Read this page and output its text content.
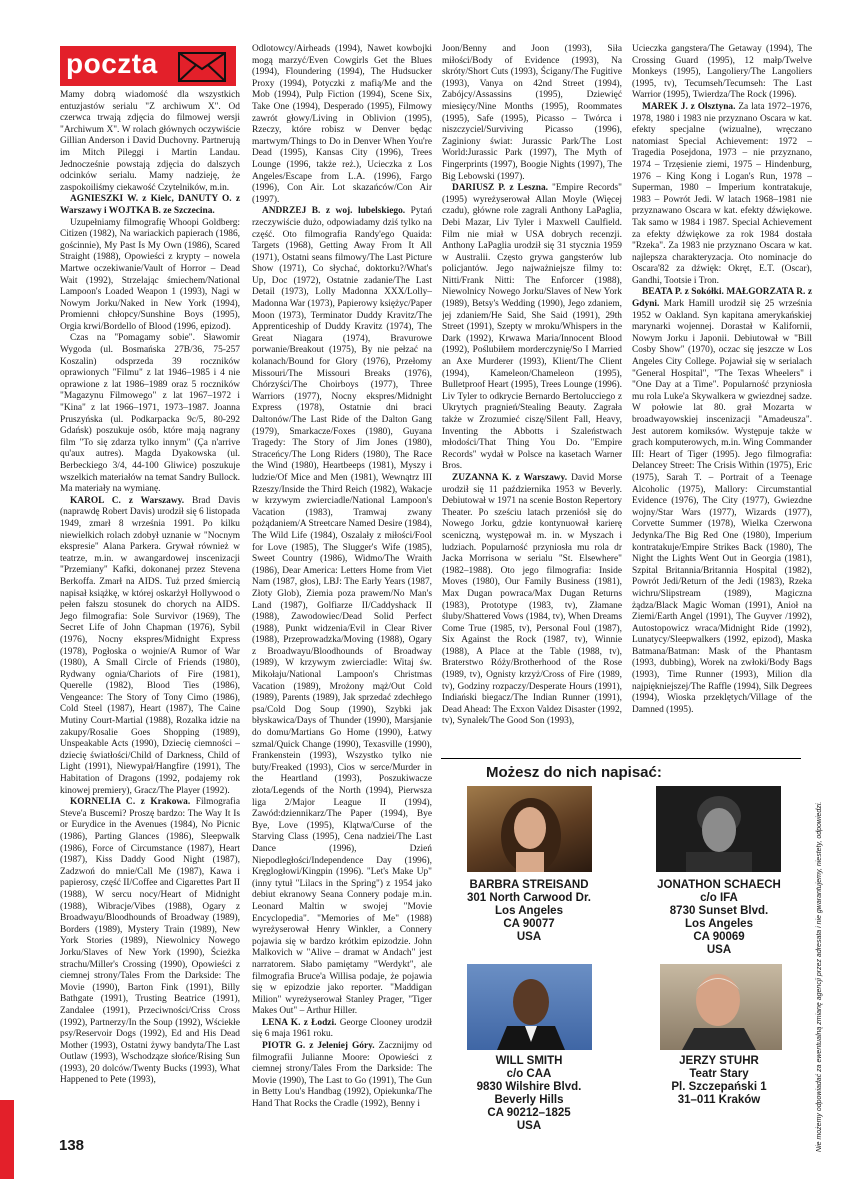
poczta

Mamy dobrą wiadomość dla wszystkich entuzjastów serialu "Z archiwum X". Od czerwca trwają zdjęcia do filmowej wersji "Archiwum X". W rolach głównych oczywiście Gillian Anderson i David Duchovny. Partnerują im Mitch Pileggi i Martin Landau. Jednocześnie powstają zdjęcia do dalszych odcinków serialu. Mamy nadzieję, że zaspokoiliśmy ciekawość Czytelników, m.in.

AGNIESZKI W. z Kielc, DANUTY O. z Warszawy i WOJTKA B. ze Szczecina.

Uzupełniamy filmografię Whoopi Goldberg: Citizen (1982), Na wariackich papierach (1986, gościnnie), My Past Is My Own (1986), Scared Straight (1988), Opowieści z krypty – nowela Martwe oczekiwanie/Vault of Horror – Dead Wait (1992), Strzelając śmiechem/National Lampoon's Loaded Weapon 1 (1993), Nagi w Nowym Jorku/Naked in New York (1994), Promienni chłopcy/Sunshine Boys (1995), Orgia krwi/Bordello of Blood (1996, epizod).

Czas na "Pomagamy sobie". Sławomir Wygoda (ul. Bosmańska 27B/36, 75-257 Koszalin) odsprzeda 39 roczników oprawionych "Filmu" z lat 1946–1985 i 4 nie oprawione z lat 1986–1989 oraz 5 roczników "Magazynu Filmowego" z lat 1967–1972 i "Kina" z lat 1966–1971, 1973–1987. Joanna Pruszyńska (ul. Podkarpacka 9c/5, 80-292 Gdańsk) poszukuje osób, które mają nagrany film "To się zdarza tylko innym" (Ça n'arrive qu'aux autres). Magda Dyakowska (ul. Berbeckiego 3/4, 44-100 Gliwice) poszukuje wszelkich materiałów na temat Sandry Bullock. Ma materiały na wymianę.

KAROL C. z Warszawy. Brad Davis (naprawdę Robert Davis) urodził się 6 listopada 1949, zmarł 8 września 1991. Po kilku niewielkich rolach zdobył uznanie w "Nocnym ekspresie" Alana Parkera. Grywał również w teatrze, m.in. w awangardowej inscenizacji "Przemiany" Kafki, dokonanej przez Stevena Berkoffa. Zmarł na AIDS. Tuż przed śmiercią napisał książkę, w której oskarżył Hollywood o pełen fałszu stosunek do chorych na AIDS. Jego filmografia: Sole Survivor (1969), The Secret Life of John Chapman (1976), Sybil (1976), Nocny ekspres/Midnight Express (1978), Pogłoska o wojnie/A Rumor of War (1980), A Small Circle of Friends (1980), Rydwany ognia/Chariots of Fire (1981), Querelle (1982), Blood Ties (1986), Vengeance: The Story of Tony Cimo (1986), Cold Steel (1987), Heart (1987), The Caine Mutiny Court-Martial (1988), Rozalka idzie na zakupy/Rosalie Goes Shopping (1989), Unspeakable Acts (1990), Dziecię ciemności – dziecię światłości/Child of Darkness, Child of Light (1991), Niewypał/Hangfire (1991), The Habitation of Dragons (1992, podajemy rok kinowej premiery), Gracz/The Player (1992).

KORNELIA C. z Krakowa. Filmografia Steve'a Buscemi? Proszę bardzo: The Way It Is or Eurydice in the Avenues (1984), No Picnic (1986), Parting Glances (1986), Sleepwalk (1986), Force of Circumstance (1987), Heart (1987), Kiss Daddy Good Night (1987), Zadzwoń do mnie/Call Me (1987), Kawa i papierosy, część II/Coffee and Cigarettes Part II (1988), W sercu nocy/Heart of Midnight (1988), Wibracje/Vibes (1988), Ogary z Broadwayu/Bloodhounds of Broadway (1989), Borders (1989), Mystery Train (1989), New York Stories (1989), Niewolnicy Nowego Jorku/Slaves of New York (1990), Ścieżka strachu/Miller's Crossing (1990), Opowieści z ciemnej strony/Tales From the Darkside: The Movie (1990), Barton Fink (1991), Billy Bathgate (1991), Trusting Beatrice (1991), Zandalee (1991), Przeciwności/Criss Cross (1992), Partnerzy/In the Soup (1992), Wściekłe psy/Reservoir Dogs (1992), Ed and His Dead Mother (1993), Ostatni żywy bandyta/The Last Outlaw (1993), Wschodząze słońce/Rising Sun (1993), 20 dolców/Twenty Bucks (1993), What Happened to Pete (1993),

Odlotowcy/Airheads (1994), Nawet kowbojki mogą marzyć/Even Cowgirls Get the Blues (1994), Floundering (1994), The Hudsucker Proxy (1994), Potyczki z mafią/Me and the Mob (1994), Pulp Fiction (1994), Scene Six, Take One (1994), Desperado (1995), Filmowy zawrót głowy/Living in Oblivion (1995), Rzeczy, które robisz w Denver będąc martwym/Things to Do in Denver When You're Dead (1995), Kansas City (1996), Trees Lounge (1996, także reż.), Ucieczka z Los Angeles/Escape from L.A. (1996), Fargo (1996), Con Air. Lot skazańców/Con Air (1997).

ANDRZEJ B. z woj. lubelskiego. Pytań rzeczywiście dużo, odpowiadamy dziś tylko na część. Oto filmografia Randy'ego Quaida: Targets (1968), Getting Away From It All (1971), Ostatni seans filmowy/The Last Picture Show (1971), Co słychać, doktorku?/What's Up, Doc (1972), Ostatnie zadanie/The Last Detail (1973), Lolly Madonna XXX/Lolly–Madonna War (1973), Papierowy księżyc/Paper Moon (1973), Terminator Duddy Kravitz/The Apprenticeship of Duddy Kravitz (1974), The Great Niagara (1974), Bravurowe porwanie/Breakout (1975), By nie pełzać na kolanach/Bound for Glory (1976), Przełomy Missouri/The Missouri Breaks (1976), Chórzyści/The Choirboys (1977), Three Warriors (1977), Nocny ekspres/Midnight Express (1978), Ostatnie dni braci Daltonów/The Last Ride of the Dalton Gang (1979), Smarkacze/Foxes (1980), Guyana Tragedy: The Story of Jim Jones (1980), Straceńcy/The Long Riders (1980), The Race the Wind (1980), Heartbeeps (1981), Myszy i ludzie/Of Mice and Men (1981), Wewnątrz III Rzeszy/Inside the Third Reich (1982), Wakacje w krzywym zwierciadle/National Lampoon's Vacation (1983), Tramwaj zwany pożądaniem/A Streetcare Named Desire (1984), The Wild Life (1984), Oszalały z miłości/Fool for Love (1985), The Slugger's Wife (1985), Sweet Country (1986), Widmo/The Wraith (1986), Dear America: Letters Home from Viet Nam (1987, głos), LBJ: The Early Years (1987, Złoty Glob), Ziemia poza prawem/No Man's Land (1987), Golfiarze II/Caddyshack II (1988), Zawodowiec/Dead Solid Perfect (1988), Punkt widzenia/Evil in Clear River (1988), Przeprowadzka/Moving (1988), Ogary z Broadwayu/Bloodhounds of Broadway (1989), W krzywym zwierciadle: Witaj św. Mikołaju/National Lampoon's Christmas Vacation (1989), Mrożony mąż/Out Cold (1989), Parents (1989), Jak sprzedać zdechłego psa/Cold Dog Soup (1990), Szybki jak błyskawica/Days of Thunder (1990), Marsjanie do domu/Martians Go Home (1990), Łatwy szmal/Quick Change (1990), Texasville (1990), Frankenstein (1993), Wszystko tylko nie buty/Freaked (1993), Cios w serce/Murder in the Heartland (1993), Poszukiwacze złota/Legends of the North (1994), Pierwsza liga 2/Major League II (1994), Zawód:dziennikarz/The Paper (1994), Bye Bye, Love (1995), Klątwa/Curse of the Starving Class (1995), Cena nadziei/The Last Dance (1996), Dzień Niepodległości/Independence Day (1996), Kręglogłowi/Kingpin (1996). "Let's Make Up" (inny tytuł "Lilacs in the Spring") z 1954 jako debiut ekranowy Seana Connery podaje m.in. Leonard Maltin w swojej "Movie Encyclopedia". "Memories of Me" (1988) wyreżyserował Henry Winkler, a Connery pojawia się w bardzo krótkim epizodzie. John Malkovich w "Alive – dramat w Andach" jest narratorem. Słabo pamiętamy "Werdykt", ale filmografia Bruce'a Willisa podaje, że pojawia się w epizodzie jako reporter. "Maddigan Milion" wyreżyserował Stanley Prager, "Tiger Makes Out" – Arthur Hiller.

LENA K. z Łodzi. George Clooney urodził się 6 maja 1961 roku.

PIOTR G. z Jeleniej Góry. Zacznijmy od filmografii Julianne Moore: Opowieści z ciemnej strony/Tales From the Darkside: The Movie (1990), The Last to Go (1991), The Gun in Betty Lou's Handbag (1992), Opiekunka/The Hand That Rocks the Cradle (1992), Benny i

Joon/Benny and Joon (1993), Siła miłości/Body of Evidence (1993), Na skróty/Short Cuts (1993), Ścigany/The Fugitive (1993), Vanya on 42nd Street (1994), Zabójcy/Assassins (1995), Dziewięć miesięcy/Nine Months (1995), Roommates (1995), Safe (1995), Picasso – Twórca i niszczyciel/Surviving Picasso (1996), Zaginiony świat: Jurassic Park/The Lost World:Jurassic Park (1997), The Myth of Fingerprints (1997), Boogie Nights (1997), The Big Lebowski (1997).

DARIUSZ P. z Leszna. "Empire Records" (1995) wyreżyserował Allan Moyle (Więcej czadu), główne role zagrali Anthony LaPaglia, Debi Mazar, Liv Tyler i Maxwell Caulfield. Film nie miał w USA dobrych recenzji. Anthony LaPaglia urodził się 31 stycznia 1959 w Australii. Często grywa gangsterów lub policjantów. Jego najważniejsze filmy to: Nitti/Frank Nitti: The Enforcer (1988), Niewolnicy Nowego Jorku/Slaves of New York (1989), Betsy's Wedding (1990), Jego zdaniem, jej zdaniem/He Said, She Said (1991), 29th Street (1991), Szepty w mroku/Whispers in the Dark (1992), Krwawa Maria/Innocent Blood (1992), Poślubiłem morderczynię/So I Married an Axe Murderer (1993), Klient/The Client (1994), Kameleon/Chameleon (1995), Bulletproof Heart (1995), Trees Lounge (1996). Liv Tyler to odkrycie Bernardo Bertolucciego z Ukrytych pragnień/Stealing Beauty. Zagrała także w Zrozumieć ciszę/Silent Fall, Heavy, Inventing the Abbotts i Szaleństwach młodości/That Thing You Do. "Empire Records" wydał w Polsce na kasetach Warner Bros.

ZUZANNA K. z Warszawy. David Morse urodził się 11 października 1953 w Beverly. Debiutował w 1971 na scenie Boston Repertory Theater. Po sześciu latach przeniósł się do Nowego Jorku, gdzie kontynuował karierę sceniczną, występował m. in. w Myszach i ludziach. Popularność przyniosła mu rola dr Jacka Morrisona w serialu "St. Elsewhere" (1982–1988). Oto jego filmografia: Inside Moves (1980), Our Family Business (1981), Max Dugan powraca/Max Dugan Returns (1983), Prototype (1983, tv), Złamane śluby/Shattered Vows (1984, tv), When Dreams Come True (1985, tv), Personal Foul (1987), Six Against the Rock (1987, tv), Winnie (1988), A Place at the Table (1988, tv), Braterstwo Róży/Brotherhood of the Rose (1989, tv), Ognisty krzyż/Cross of Fire (1989, tv), Godziny rozpaczy/Desperate Hours (1991), Indiański biegacz/The Indian Runner (1991), Dead Ahead: The Exxon Valdez Disaster (1992, tv), Synalek/The Good Son (1993),

Ucieczka gangstera/The Getaway (1994), The Crossing Guard (1995), 12 małp/Twelve Monkeys (1995), Langoliery/The Langoliers (1995, tv), Tecumseh/Tecumseh: The Last Warrior (1995), Twierdza/The Rock (1996).

MAREK J. z Olsztyna. Za lata 1972–1976, 1978, 1980 i 1983 nie przyznano Oscara w kat. efekty specjalne (wizualne), wręczano natomiast Special Achievement: 1972 – Tragedia Posejdona, 1973 – nie przyznano, 1974 – Trzęsienie ziemi, 1975 – Hindenburg, 1976 – King Kong i Logan's Run, 1978 – Superman, 1980 – Imperium kontratakuje, 1983 – Powrót Jedi. W latach 1968–1981 nie przyznawano Oscara w kat. efekty dźwiękowe. Tak samo w 1984 i 1987. Special Achievement za efekty dźwiękowe za rok 1984 dostała "Rzeka". Za 1983 nie przyznano Oscara w kat. najlepsza charakteryzacja. Oto nominacje do Oscara'82 za dźwięk: Okręt, E.T. (Oscar), Gandhi, Tootsie i Tron.

BEATA P. z Sokółki. MAŁGORZATA R. z Gdyni. Mark Hamill urodził się 25 września 1952 w Oakland. Syn kapitana amerykańskiej marynarki wojennej. Dorastał w Kalifornii, Nowym Jorku i Japonii. Debiutował w "Bill Cosby Show" (1970), oczac się jeszcze w Los Angeles City College. Pojawiał się w serialach "General Hospital", "The Texas Wheelers" i "One Day at a Time". Popularność przyniosła mu rola Luke'a Skywalkera w gwiezdnej sadze. W połowie lat 80. grał Mozarta w broadwayowskiej inscenizacji "Amadeusza". Jest autorem komiksów. Występuje także w grach komputerowych, m.in. Wing Commander III: Heart of Tiger (1995). Jego filmografia: Delancey Street: The Crisis Within (1975), Eric (1975), Sarah T. – Portrait of a Teenage Alcoholic (1975), Mallory: Circumstantial Evidence (1976), The City (1977), Gwiezdne wojny/Star Wars (1977), Wizards (1977), Corvette Summer (1978), Wielka Czerwona Jedynka/The Big Red One (1980), Imperium kontratakuje/Empire Strikes Back (1980), The Night the Lights Went Out in Georgia (1981), Szpital Britannia/Britannia Hospital (1982), Powrót Jedi/Return of the Jedi (1983), Rzeka wichru/Slipstream (1989), Magiczna żądza/Black Magic Woman (1991), Anioł na Ziemi/Earth Angel (1991), The Guyver /1992), Autostopowicz wraca/Midnight Ride (1992), Lunatycy/Sleepwalkers (1992, epizod), Maska Batmana/Batman: Mask of the Phantasm (1993, dubbing), Worek na zwłoki/Body Bags (1993), Time Runner (1993), Milion dla najpiękniejszej/The Raffle (1994), Silk Degrees (1994), Wioska przeklętych/Village of the Damned (1995).

Możesz do nich napisać:
BARBRA STREISAND
301 North Carwood Dr.
Los Angeles
CA 90077
USA
JONATHON SCHAECH
c/o IFA
8730 Sunset Blvd.
Los Angeles
CA 90069
USA
WILL SMITH
c/o CAA
9830 Wilshire Blvd.
Beverly Hills
CA 90212–1825
USA
JERZY STUHR
Teatr Stary
Pl. Szczepański 1
31–011 Kraków	Nie możemy odpowiadać za ewentualną zmianę agencji przez adresata i nie gwarantujemy, niestety, odpowiedzi.
138
